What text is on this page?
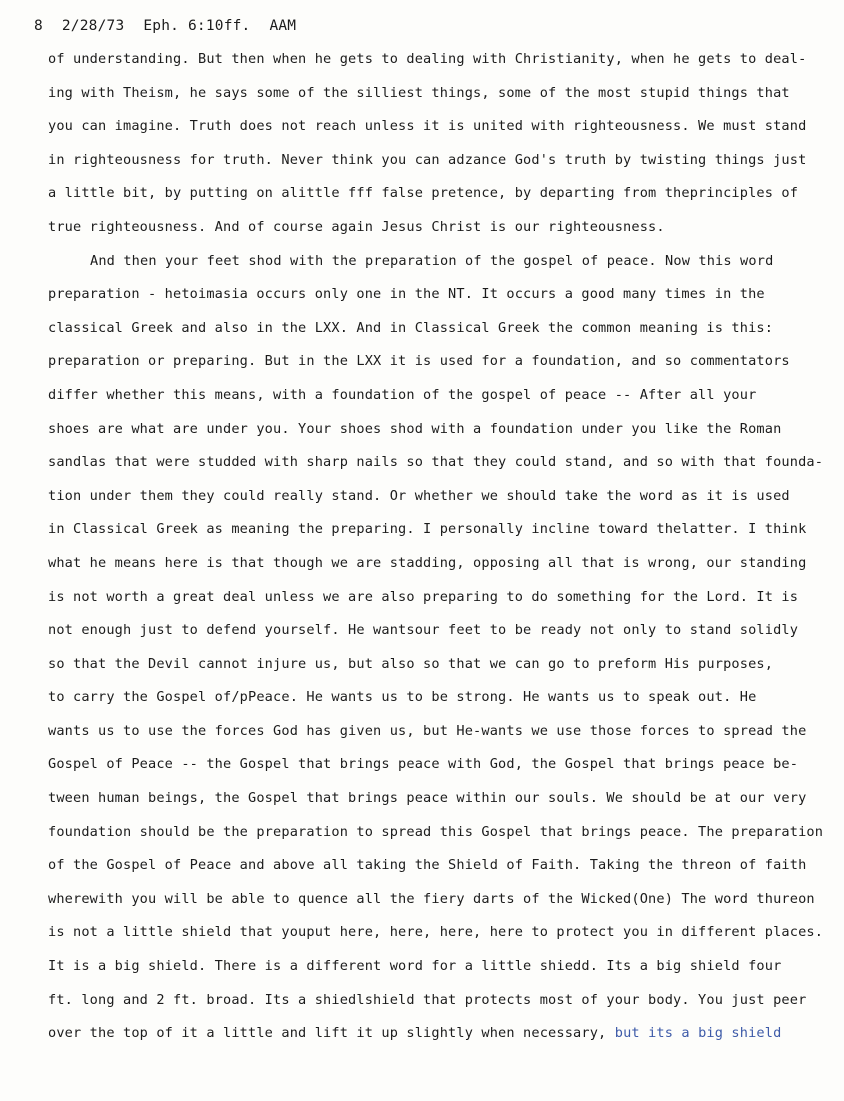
8 2/28/73 Eph. 6:10ff. AAM
of understanding. But then when he gets to dealing with Christianity, when he gets to deal-
ing with Theism, he says some of the silliest things, some of the most stupid things that
you can imagine. Truth does not reach unless it is united with righteousness. We must stand
in righteousness for truth. Never think you can adzance God's truth by twisting things just
a little bit, by putting on alittle fff false pretence, by departing from theprinciples of
true righteousness. And of course again Jesus Christ is our righteousness.
And then your feet shod with the preparation of the gospel of peace. Now this word
preparation - hetoimasia occurs only one in the NT. It occurs a good many times in the
classical Greek and also in the LXX. And in Classical Greek the common meaning is this:
preparation or preparing. But in the LXX it is used for a foundation, and so commentators
differ whether this means, with a foundation of the gospel of peace -- After all your
shoes are what are under you. Your shoes shod with a foundation under you like the Roman
sandlas that were studded with sharp nails so that they could stand, and so with that founda-
tion under them they could really stand. Or whether we should take the word as it is used
in Classical Greek as meaning the preparing. I personally incline toward thelatter. I think
what he means here is that though we are stadding, opposing all that is wrong, our standing
is not worth a great deal unless we are also preparing to do something for the Lord. It is
not enough just to defend yourself. He wantsour feet to be ready not only to stand solidly
so that the Devil cannot injure us, but also so that we can go to preform His purposes,
to carry the Gospel of/pPeace. He wants us to be strong. He wants us to speak out. He
wants us to use the forces God has given us, but He-wants we use those forces to spread the
Gospel of Peace -- the Gospel that brings peace with God, the Gospel that brings peace be-
tween human beings, the Gospel that brings peace within our souls. We should be at our very
foundation should be the preparation to spread this Gospel that brings peace. The preparation
of the Gospel of Peace and above all taking the Shield of Faith. Taking the threon of faith
wherewith you will be able to quence all the fiery darts of the Wicked(One) The word thureon
is not a little shield that youput here, here, here, here to protect you in different places.
It is a big shield. There is a different word for a little shiedd. Its a big shield four
ft. long and 2 ft. broad. Its a shiedlshield that protects most of your body. You just peer
over the top of it a little and lift it up slightly when necessary, but its a big shield
